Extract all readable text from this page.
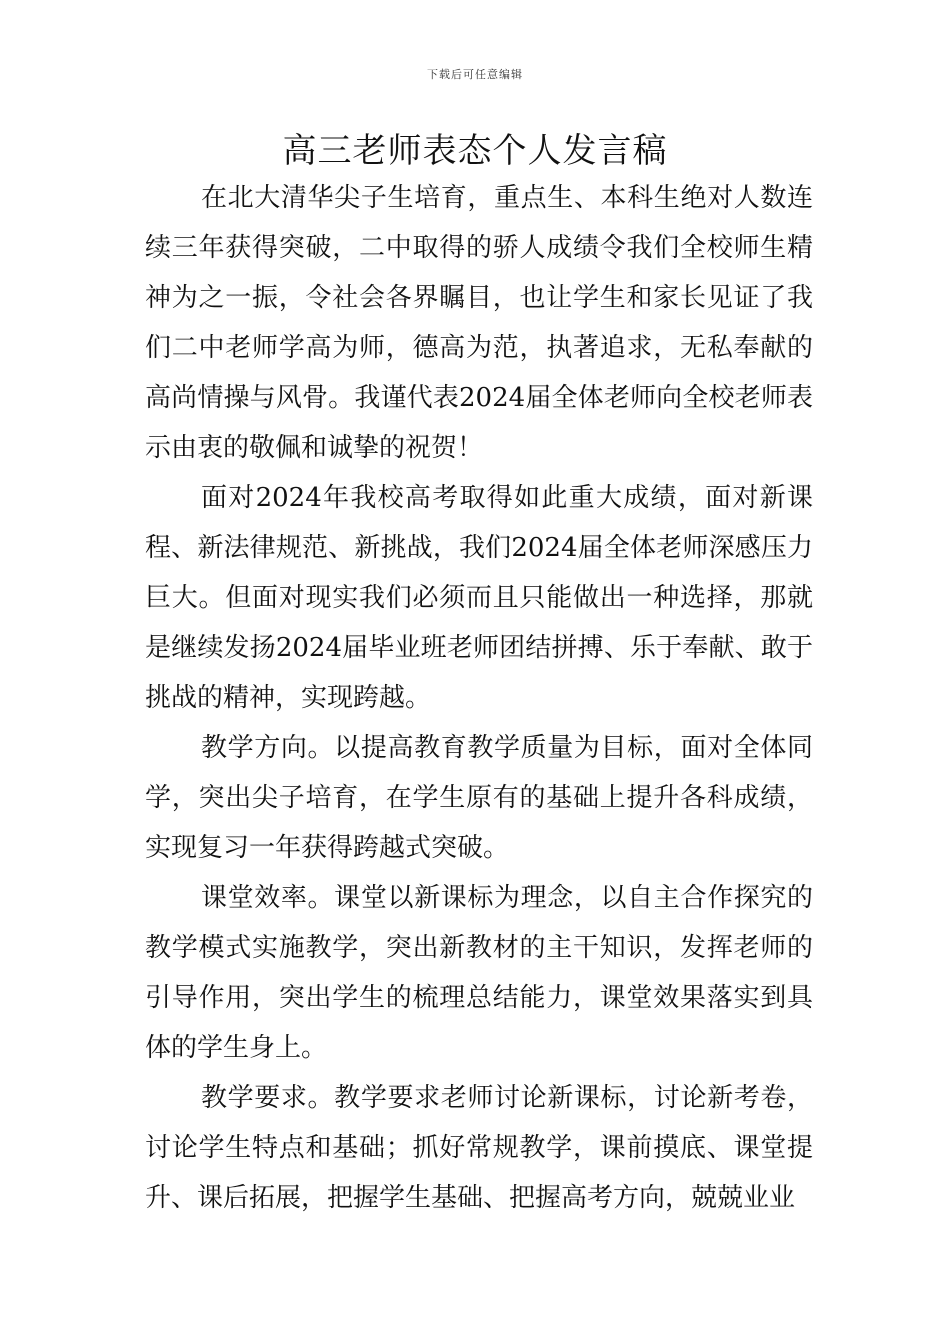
下载后可任意编辑
高三老师表态个人发言稿

在北大清华尖子生培育，重点生、本科生绝对人数连续三年获得突破，二中取得的骄人成绩令我们全校师生精神为之一振，令社会各界瞩目，也让学生和家长见证了我们二中老师学高为师，德高为范，执著追求，无私奉献的高尚情操与风骨。我谨代表2024届全体老师向全校老师表示由衷的敬佩和诚挚的祝贺！

面对2024年我校高考取得如此重大成绩，面对新课程、新法律规范、新挑战，我们2024届全体老师深感压力巨大。但面对现实我们必须而且只能做出一种选择，那就是继续发扬2024届毕业班老师团结拼搏、乐于奉献、敢于挑战的精神，实现跨越。

教学方向。以提高教育教学质量为目标，面对全体同学，突出尖子培育，在学生原有的基础上提升各科成绩，实现复习一年获得跨越式突破。

课堂效率。课堂以新课标为理念，以自主合作探究的教学模式实施教学，突出新教材的主干知识，发挥老师的引导作用，突出学生的梳理总结能力，课堂效果落实到具体的学生身上。

教学要求。教学要求老师讨论新课标，讨论新考卷，讨论学生特点和基础；抓好常规教学，课前摸底、课堂提升、课后拓展，把握学生基础、把握高考方向，兢兢业业
